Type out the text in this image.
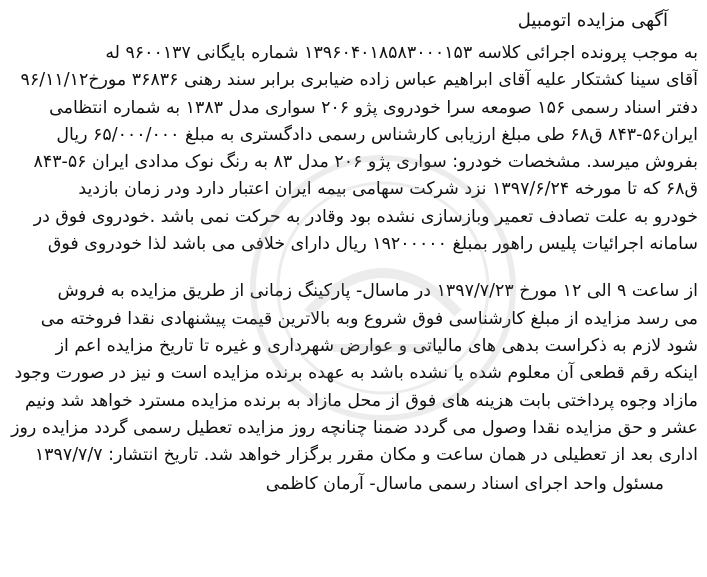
آگهی مزایده اتومبیل
به موجب پرونده اجرائی کلاسه ۱۳۹۶۰۴۰۱۸۵۸۳۰۰۰۱۵۳ شماره بایگانی ۹۶۰۰۱۳۷ له
آقای سینا کشتکار علیه آقای ابراهیم عباس زاده ضیابری برابر سند رهنی ۳۶۸۳۶ مورخ۹۶/۱۱/۱۲
دفتر اسناد رسمی ۱۵۶ صومعه سرا خودروی پژو ۲۰۶ سواری مدل ۱۳۸۳ به شماره انتظامی
ایران۵۶-۸۴۳ ق۶۸ طی مبلغ ارزیابی کارشناس رسمی دادگستری به مبلغ ۶۵/۰۰۰/۰۰۰ ریال
بفروش میرسد. مشخصات خودرو: سواری پژو ۲۰۶ مدل ۸۳ به رنگ نوک مدادی ایران ۵۶-۸۴۳
ق۶۸ که تا مورخه ۱۳۹۷/۶/۲۴ نزد شرکت سهامی بیمه ایران اعتبار دارد ودر زمان بازدید
خودرو به علت تصادف تعمیر وبازسازی نشده بود وقادر به حرکت نمی باشد .خودروی فوق در
سامانه اجرائیات پلیس راهور بمبلغ ۱۹۲۰۰۰۰۰ ریال دارای خلافی می باشد لذا خودروی فوق
از ساعت ۹ الی ۱۲ مورخ ۱۳۹۷/۷/۲۳ در ماسال- پارکینگ زمانی از طریق مزایده به فروش
می رسد مزایده از مبلغ کارشناسی فوق شروع وبه بالاترین قیمت پیشنهادی نقدا فروخته می
شود لازم به ذکراست بدهی های مالیاتی و عوارض شهرداری و غیره تا تاریخ مزایده اعم از
اینکه رقم قطعی آن معلوم شده یا نشده باشد به عهده برنده مزایده است و نیز در صورت وجود
مازاد وجوه پرداختی بابت هزینه های فوق از محل مازاد به برنده مزایده مسترد خواهد شد ونیم
عشر و حق مزایده نقدا وصول می گردد ضمنا چنانچه روز مزایده تعطیل رسمی گردد مزایده روز
اداری بعد از تعطیلی در همان ساعت و مکان مقرر برگزار خواهد شد. تاریخ انتشار: ۱۳۹۷/۷/۷
مسئول واحد اجرای اسناد رسمی ماسال- آرمان کاظمی
